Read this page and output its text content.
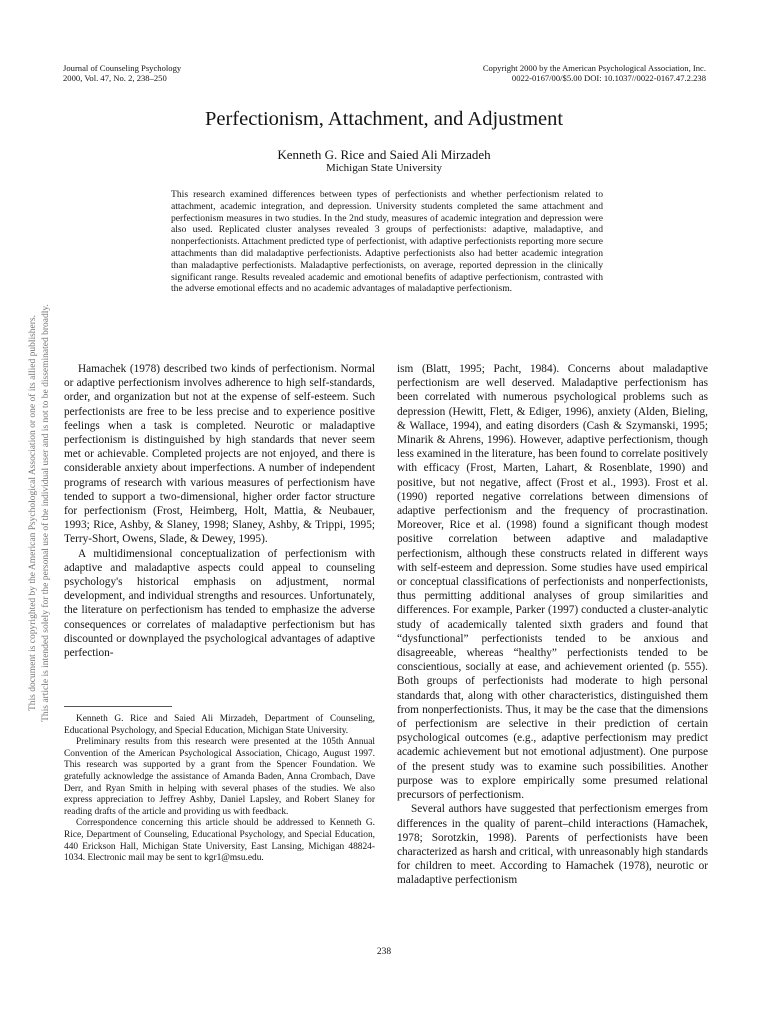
Journal of Counseling Psychology
2000, Vol. 47, No. 2, 238–250
Copyright 2000 by the American Psychological Association, Inc.
0022-0167/00/$5.00 DOI: 10.1037//0022-0167.47.2.238
Perfectionism, Attachment, and Adjustment
Kenneth G. Rice and Saied Ali Mirzadeh
Michigan State University

This research examined differences between types of perfectionists and whether perfectionism related to attachment, academic integration, and depression. University students completed the same attachment and perfectionism measures in two studies. In the 2nd study, measures of academic integration and depression were also used. Replicated cluster analyses revealed 3 groups of perfectionists: adaptive, maladaptive, and nonperfectionists. Attachment predicted type of perfectionist, with adaptive perfectionists reporting more secure attachments than did maladaptive perfectionists. Adaptive perfectionists also had better academic integration than maladaptive perfectionists. Maladaptive perfectionists, on average, reported depression in the clinically significant range. Results revealed academic and emotional benefits of adaptive perfectionism, contrasted with the adverse emotional effects and no academic advantages of maladaptive perfectionism.

Hamachek (1978) described two kinds of perfectionism. Normal or adaptive perfectionism involves adherence to high self-standards, order, and organization but not at the expense of self-esteem. Such perfectionists are free to be less precise and to experience positive feelings when a task is completed. Neurotic or maladaptive perfectionism is distinguished by high standards that never seem met or achievable. Completed projects are not enjoyed, and there is considerable anxiety about imperfections. A number of independent programs of research with various measures of perfectionism have tended to support a two-dimensional, higher order factor structure for perfectionism (Frost, Heimberg, Holt, Mattia, & Neubauer, 1993; Rice, Ashby, & Slaney, 1998; Slaney, Ashby, & Trippi, 1995; Terry-Short, Owens, Slade, & Dewey, 1995).

A multidimensional conceptualization of perfectionism with adaptive and maladaptive aspects could appeal to counseling psychology's historical emphasis on adjustment, normal development, and individual strengths and resources. Unfortunately, the literature on perfectionism has tended to emphasize the adverse consequences or correlates of maladaptive perfectionism but has discounted or downplayed the psychological advantages of adaptive perfection-

Kenneth G. Rice and Saied Ali Mirzadeh, Department of Counseling, Educational Psychology, and Special Education, Michigan State University.

Preliminary results from this research were presented at the 105th Annual Convention of the American Psychological Association, Chicago, August 1997. This research was supported by a grant from the Spencer Foundation. We gratefully acknowledge the assistance of Amanda Baden, Anna Crombach, Dave Derr, and Ryan Smith in helping with several phases of the studies. We also express appreciation to Jeffrey Ashby, Daniel Lapsley, and Robert Slaney for reading drafts of the article and providing us with feedback.

Correspondence concerning this article should be addressed to Kenneth G. Rice, Department of Counseling, Educational Psychology, and Special Education, 440 Erickson Hall, Michigan State University, East Lansing, Michigan 48824-1034. Electronic mail may be sent to kgr1@msu.edu.

ism (Blatt, 1995; Pacht, 1984). Concerns about maladaptive perfectionism are well deserved. Maladaptive perfectionism has been correlated with numerous psychological problems such as depression (Hewitt, Flett, & Ediger, 1996), anxiety (Alden, Bieling, & Wallace, 1994), and eating disorders (Cash & Szymanski, 1995; Minarik & Ahrens, 1996). However, adaptive perfectionism, though less examined in the literature, has been found to correlate positively with efficacy (Frost, Marten, Lahart, & Rosenblate, 1990) and positive, but not negative, affect (Frost et al., 1993). Frost et al. (1990) reported negative correlations between dimensions of adaptive perfectionism and the frequency of procrastination. Moreover, Rice et al. (1998) found a significant though modest positive correlation between adaptive and maladaptive perfectionism, although these constructs related in different ways with self-esteem and depression. Some studies have used empirical or conceptual classifications of perfectionists and nonperfectionists, thus permitting additional analyses of group similarities and differences. For example, Parker (1997) conducted a cluster-analytic study of academically talented sixth graders and found that “dysfunctional” perfectionists tended to be anxious and disagreeable, whereas “healthy” perfectionists tended to be conscientious, socially at ease, and achievement oriented (p. 555). Both groups of perfectionists had moderate to high personal standards that, along with other characteristics, distinguished them from nonperfectionists. Thus, it may be the case that the dimensions of perfectionism are selective in their prediction of certain psychological outcomes (e.g., adaptive perfectionism may predict academic achievement but not emotional adjustment). One purpose of the present study was to examine such possibilities. Another purpose was to explore empirically some presumed relational precursors of perfectionism.

Several authors have suggested that perfectionism emerges from differences in the quality of parent–child interactions (Hamachek, 1978; Sorotzkin, 1998). Parents of perfectionists have been characterized as harsh and critical, with unreasonably high standards for children to meet. According to Hamachek (1978), neurotic or maladaptive perfectionism

238
This document is copyrighted by the American Psychological Association or one of its allied publishers. This article is intended solely for the personal use of the individual user and is not to be disseminated broadly.
